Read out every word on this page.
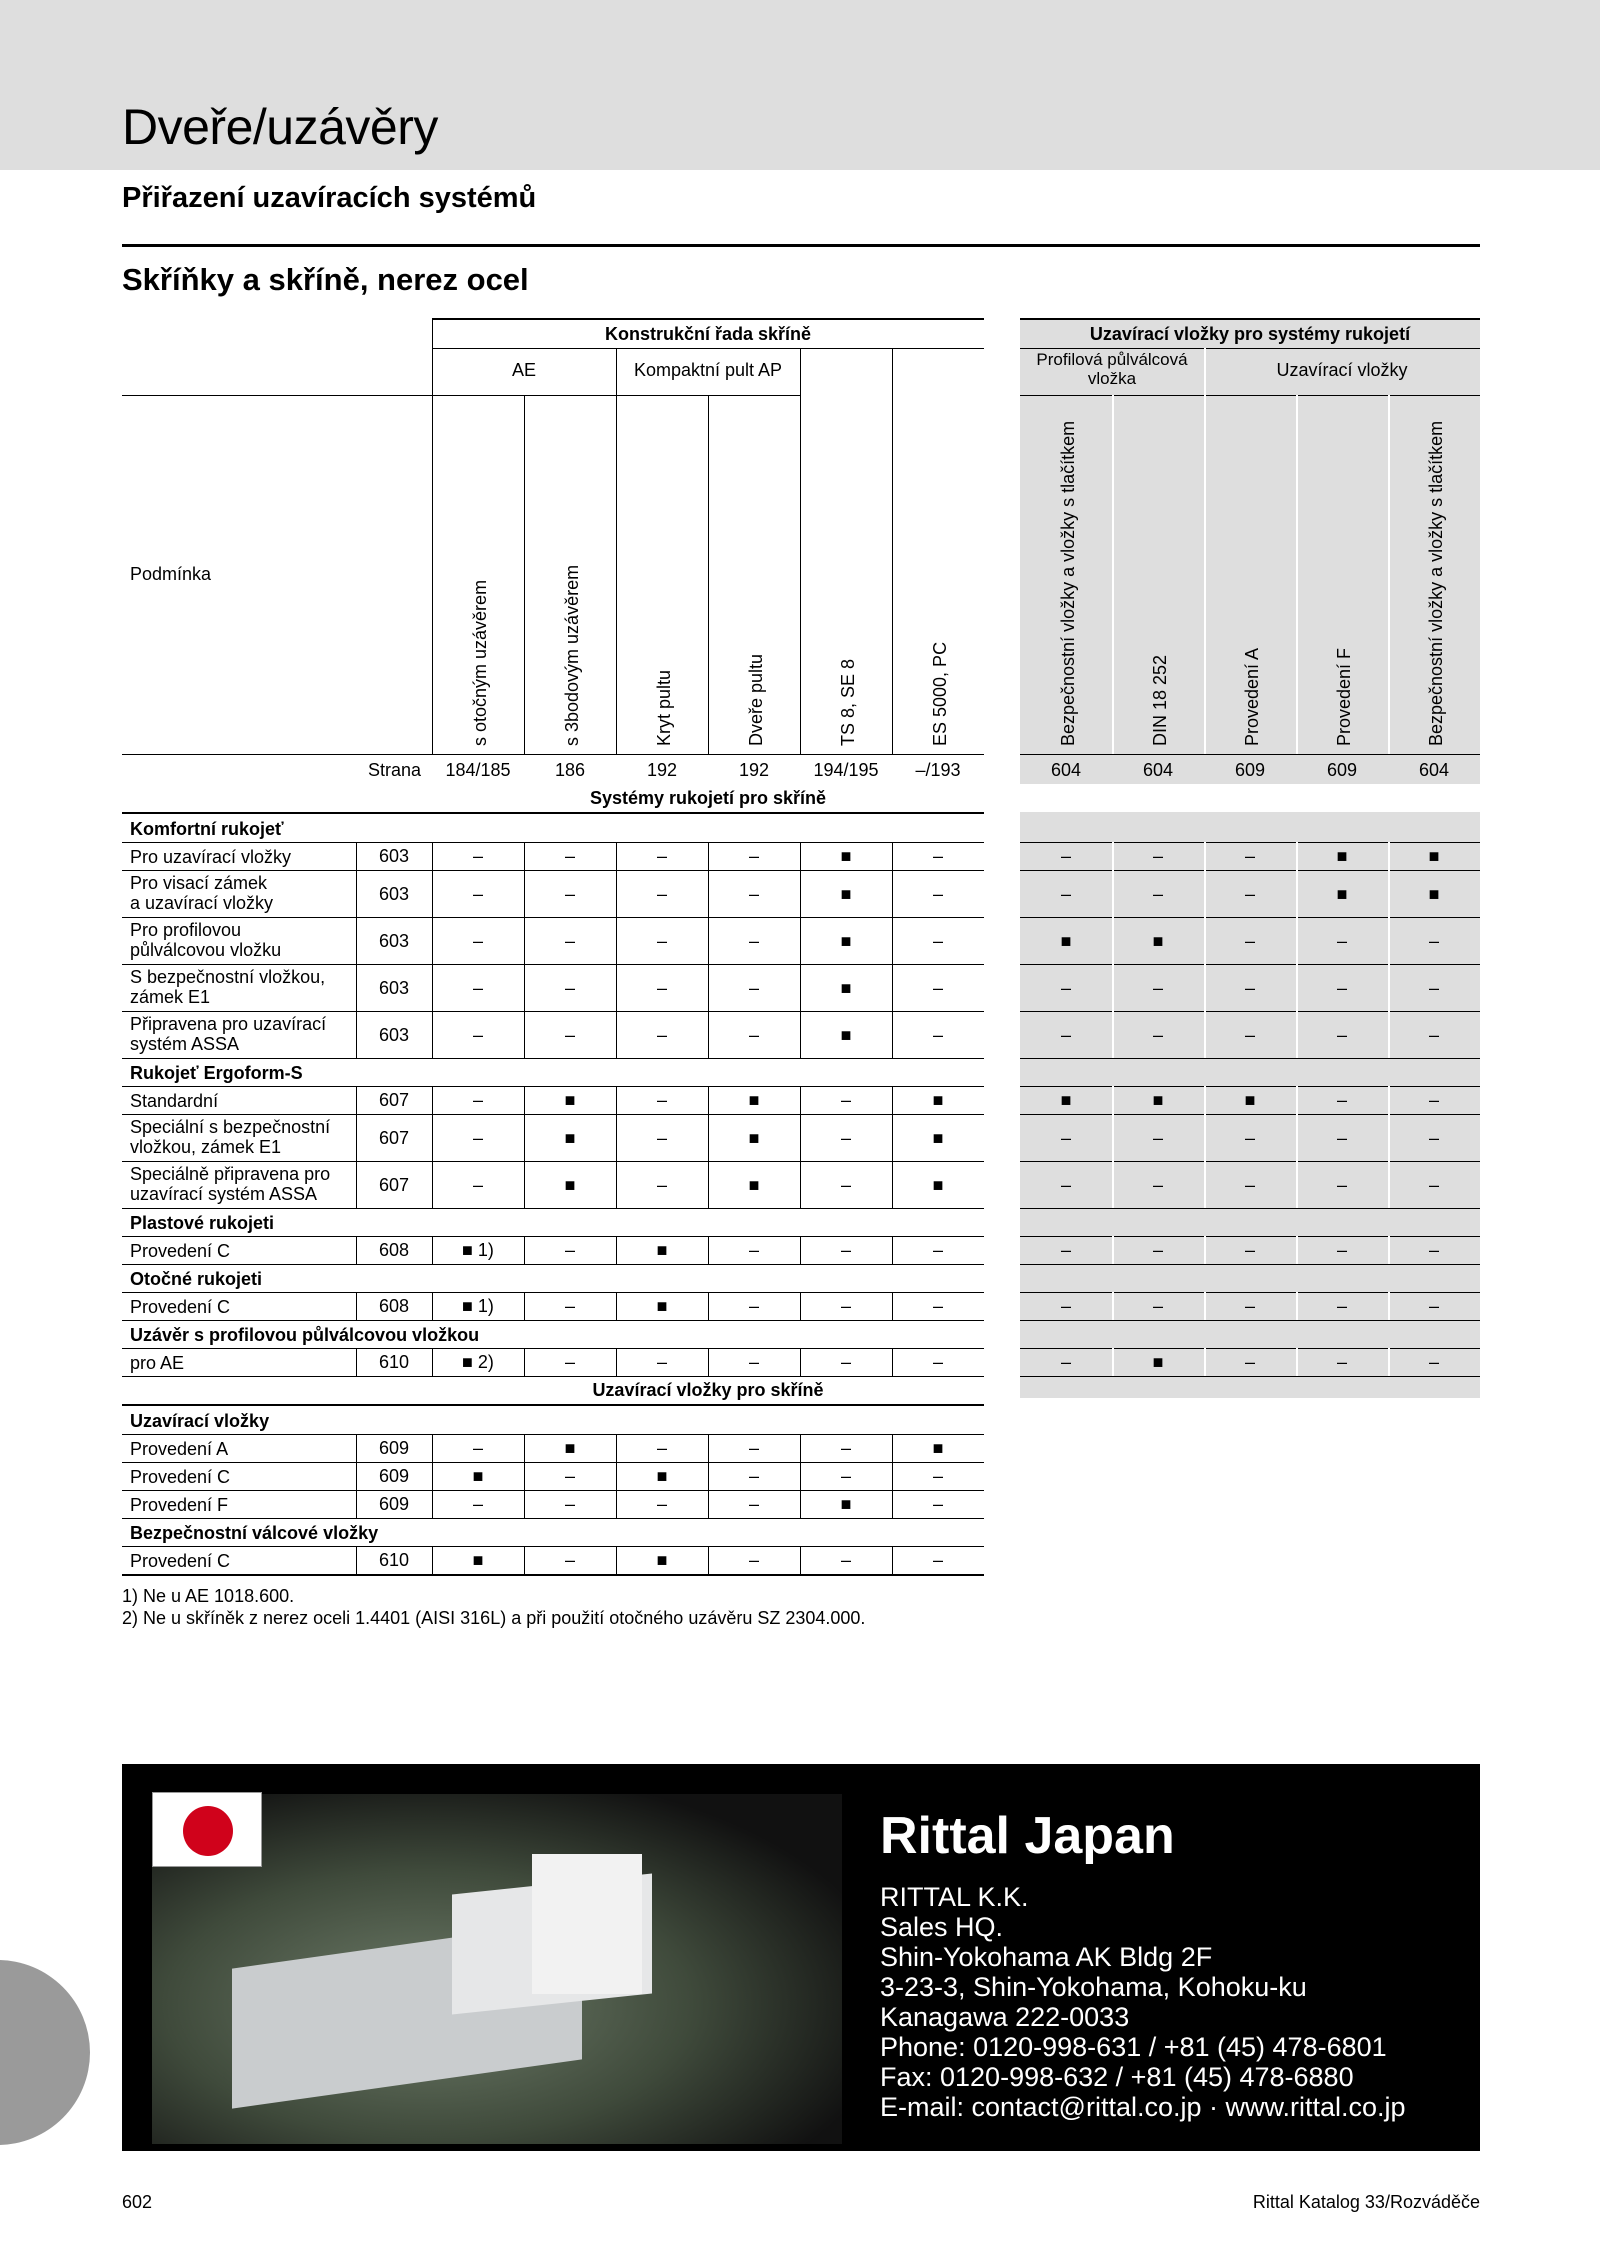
Dveře/uzávěry
Přiřazení uzavíracích systémů
Skříňky a skříně, nerez ocel
Konstrukční řada skříně	Uzavírací vložky pro systémy rukojetí
AE	Kompaktní pult AP
Profilová půlválcová vložka	Uzavírací vložky
Podmínka
s otočným uzávěrem	s 3bodovým uzávěrem	Kryt pultu	Dveře pultu	TS 8, SE 8	ES 5000, PC	Bezpečnostní vložky a vložky s tlačítkem	DIN 18 252	Provedení A	Provedení F	Bezpečnostní vložky a vložky s tlačítkem
Strana	184/185	186	192	192	194/195	–/193	604	604	609	609	604
Systémy rukojetí pro skříně
Komfortní rukojeť
Pro uzavírací vložky	603	–	–	–	–	■	–	–	–	–	■	■
Pro visací zámek
a uzavírací vložky	603	–	–	–	–	■	–	–	–	–	■	■
Pro profilovou
půlválcovou vložku	603	–	–	–	–	■	–	■	■	–	–	–
S bezpečnostní vložkou,
zámek E1	603	–	–	–	–	■	–	–	–	–	–	–
Připravena pro uzavírací
systém ASSA	603	–	–	–	–	■	–	–	–	–	–	–
Rukojeť Ergoform-S
Standardní	607	–	■	–	■	–	■	■	■	■	–	–
Speciální s bezpečnostní
vložkou, zámek E1	607	–	■	–	■	–	■	–	–	–	–	–
Speciálně připravena pro
uzavírací systém ASSA	607	–	■	–	■	–	■	–	–	–	–	–
Plastové rukojeti
Provedení C	608	■ 1)	–	■	–	–	–	–	–	–	–	–
Otočné rukojeti
Provedení C	608	■ 1)	–	■	–	–	–	–	–	–	–	–
Uzávěr s profilovou půlválcovou vložkou
pro AE	610	■ 2)	–	–	–	–	–	–	■	–	–	–
Uzavírací vložky pro skříně
Uzavírací vložky
Provedení A	609	–	■	–	–	–	■
Provedení C	609	■	–	■	–	–	–
Provedení F	609	–	–	–	–	■	–
Bezpečnostní válcové vložky
Provedení C	610	■	–	■	–	–	–
1) Ne u AE 1018.600.
2) Ne u skříněk z nerez oceli 1.4401 (AISI 316L) a při použití otočného uzávěru SZ 2304.000.
Rittal Japan
RITTAL K.K.
Sales HQ.
Shin-Yokohama AK Bldg 2F
3-23-3, Shin-Yokohama, Kohoku-ku
Kanagawa 222-0033
Phone: 0120-998-631 / +81 (45) 478-6801
Fax: 0120-998-632 / +81 (45) 478-6880
E-mail: contact@rittal.co.jp · www.rittal.co.jp
602	Rittal Katalog 33/Rozváděče
